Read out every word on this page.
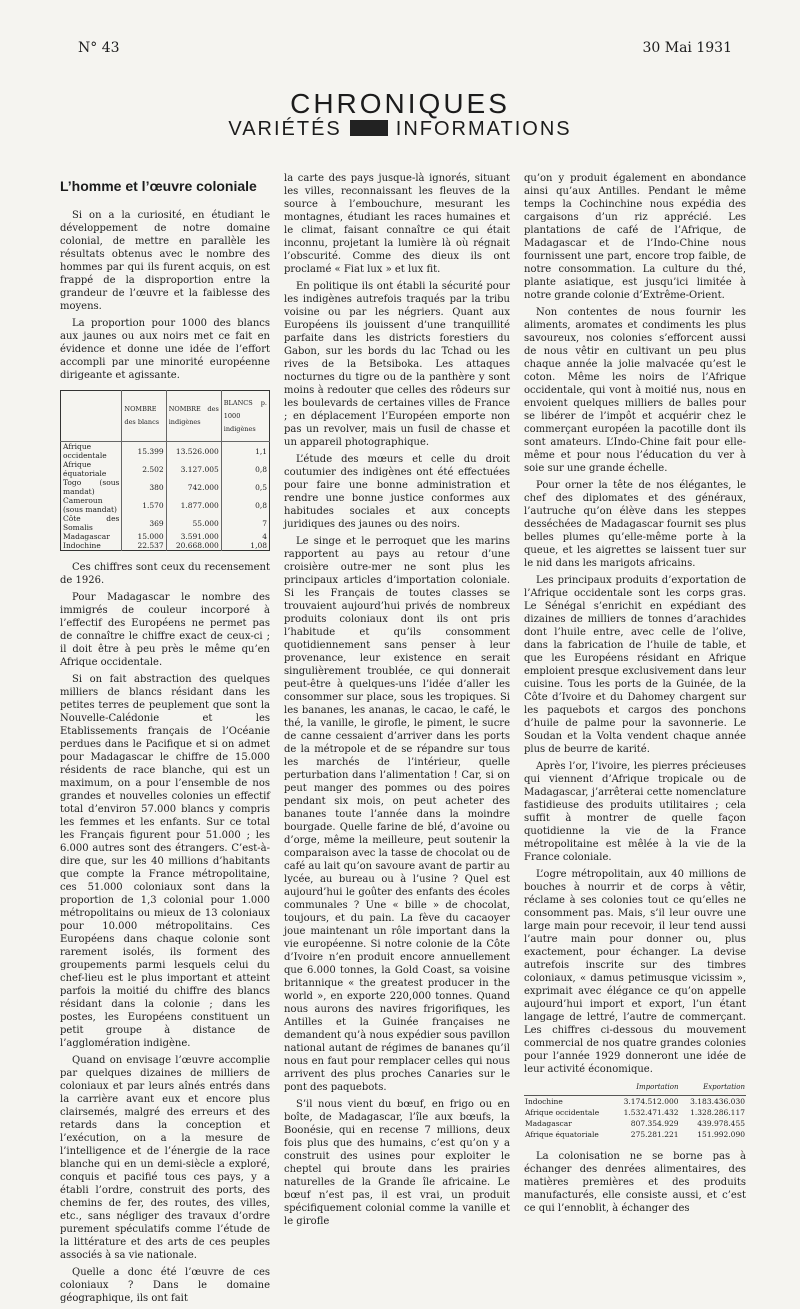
N° 43	30 Mai 1931
CHRONIQUES
VARIÉTÉS	INFORMATIONS
L’homme et l’œuvre coloniale

Si on a la curiosité, en étudiant le développement de notre domaine colonial, de mettre en parallèle les résultats obtenus avec le nombre des hommes par qui ils furent acquis, on est frappé de la disproportion entre la grandeur de l’œuvre et la faiblesse des moyens.

La proportion pour 1000 des blancs aux jaunes ou aux noirs met ce fait en évidence et donne une idée de l’effort accompli par une minorité européenne dirigeante et agissante.

	NOMBRE des blancs	NOMBRE des indigènes	BLANCS p. 1000 indigènes
Afrique occidentale	15.399	13.526.000	1,1
Afrique équatoriale	2.502	3.127.005	0,8
Togo (sous mandat)	380	742.000	0,5
Cameroun (sous mandat)	1.570	1.877.000	0,8
Côte des Somalis	369	55.000	7
Madagascar	15.000	3.591.000	4
Indochine	22.537	20.668.000	1,08

Ces chiffres sont ceux du recensement de 1926.

Pour Madagascar le nombre des immigrés de couleur incorporé à l’effectif des Européens ne permet pas de connaître le chiffre exact de ceux-ci ; il doit être à peu près le même qu’en Afrique occidentale.

Si on fait abstraction des quelques milliers de blancs résidant dans les petites terres de peuplement que sont la Nouvelle-Calédonie et les Etablissements français de l’Océanie perdues dans le Pacifique et si on admet pour Madagascar le chiffre de 15.000 résidents de race blanche, qui est un maximum, on a pour l’ensemble de nos grandes et nouvelles colonies un effectif total d’environ 57.000 blancs y compris les femmes et les enfants. Sur ce total les Français figurent pour 51.000 ; les 6.000 autres sont des étrangers. C’est-à-dire que, sur les 40 millions d’habitants que compte la France métropolitaine, ces 51.000 coloniaux sont dans la proportion de 1,3 colonial pour 1.000 métropolitains ou mieux de 13 coloniaux pour 10.000 métropolitains. Ces Européens dans chaque colonie sont rarement isolés, ils forment des groupements parmi lesquels celui du chef-lieu est le plus important et atteint parfois la moitié du chiffre des blancs résidant dans la colonie ; dans les postes, les Européens constituent un petit groupe à distance de l’agglomération indigène.

Quand on envisage l’œuvre accomplie par quelques dizaines de milliers de coloniaux et par leurs aînés entrés dans la carrière avant eux et encore plus clairsemés, malgré des erreurs et des retards dans la conception et l’exécution, on a la mesure de l’intelligence et de l’énergie de la race blanche qui en un demi-siècle a exploré, conquis et pacifié tous ces pays, y a établi l’ordre, construit des ports, des chemins de fer, des routes, des villes, etc., sans négliger des travaux d’ordre purement spéculatifs comme l’étude de la littérature et des arts de ces peuples associés à sa vie nationale.

Quelle a donc été l’œuvre de ces coloniaux ? Dans le domaine géographique, ils ont fait

la carte des pays jusque-là ignorés, situant les villes, reconnaissant les fleuves de la source à l’embouchure, mesurant les montagnes, étudiant les races humaines et le climat, faisant connaître ce qui était inconnu, projetant la lumière là où régnait l’obscurité. Comme des dieux ils ont proclamé « Fiat lux » et lux fit.

En politique ils ont établi la sécurité pour les indigènes autrefois traqués par la tribu voisine ou par les négriers. Quant aux Européens ils jouissent d’une tranquillité parfaite dans les districts forestiers du Gabon, sur les bords du lac Tchad ou les rives de la Betsiboka. Les attaques nocturnes du tigre ou de la panthère y sont moins à redouter que celles des rôdeurs sur les boulevards de certaines villes de France ; en déplacement l’Européen emporte non pas un revolver, mais un fusil de chasse et un appareil photographique.

L’étude des mœurs et celle du droit coutumier des indigènes ont été effectuées pour faire une bonne administration et rendre une bonne justice conformes aux habitudes sociales et aux concepts juridiques des jaunes ou des noirs.

Le singe et le perroquet que les marins rapportent au pays au retour d’une croisière outre-mer ne sont plus les principaux articles d’importation coloniale. Si les Français de toutes classes se trouvaient aujourd’hui privés de nombreux produits coloniaux dont ils ont pris l’habitude et qu’ils consomment quotidiennement sans penser à leur provenance, leur existence en serait singulièrement troublée, ce qui donnerait peut-être à quelques-uns l’idée d’aller les consommer sur place, sous les tropiques. Si les bananes, les ananas, le cacao, le café, le thé, la vanille, le girofle, le piment, le sucre de canne cessaient d’arriver dans les ports de la métropole et de se répandre sur tous les marchés de l’intérieur, quelle perturbation dans l’alimentation ! Car, si on peut manger des pommes ou des poires pendant six mois, on peut acheter des bananes toute l’année dans la moindre bourgade. Quelle farine de blé, d’avoine ou d’orge, même la meilleure, peut soutenir la comparaison avec la tasse de chocolat ou de café au lait qu’on savoure avant de partir au lycée, au bureau ou à l’usine ? Quel est aujourd’hui le goûter des enfants des écoles communales ? Une « bille » de chocolat, toujours, et du pain. La fève du cacaoyer joue maintenant un rôle important dans la vie européenne. Si notre colonie de la Côte d’Ivoire n’en produit encore annuellement que 6.000 tonnes, la Gold Coast, sa voisine britannique « the greatest producer in the world », en exporte 220,000 tonnes. Quand nous aurons des navires frigorifiques, les Antilles et la Guinée françaises ne demandent qu’à nous expédier sous pavillon national autant de régimes de bananes qu’il nous en faut pour remplacer celles qui nous arrivent des plus proches Canaries sur le pont des paquebots.

S’il nous vient du bœuf, en frigo ou en boîte, de Madagascar, l’île aux bœufs, la Boonésie, qui en recense 7 millions, deux fois plus que des humains, c’est qu’on y a construit des usines pour exploiter le cheptel qui broute dans les prairies naturelles de la Grande île africaine. Le bœuf n’est pas, il est vrai, un produit spécifiquement colonial comme la vanille et le girofle

qu’on y produit également en abondance ainsi qu’aux Antilles. Pendant le même temps la Cochinchine nous expédia des cargaisons d’un riz apprécié. Les plantations de café de l’Afrique, de Madagascar et de l’Indo-Chine nous fournissent une part, encore trop faible, de notre consommation. La culture du thé, plante asiatique, est jusqu’ici limitée à notre grande colonie d’Extrême-Orient.

Non contentes de nous fournir les aliments, aromates et condiments les plus savoureux, nos colonies s’efforcent aussi de nous vêtir en cultivant un peu plus chaque année la jolie malvacée qu’est le coton. Même les noirs de l’Afrique occidentale, qui vont à moitié nus, nous en envoient quelques milliers de balles pour se libérer de l’impôt et acquérir chez le commerçant européen la pacotille dont ils sont amateurs. L’Indo-Chine fait pour elle-même et pour nous l’éducation du ver à soie sur une grande échelle.

Pour orner la tête de nos élégantes, le chef des diplomates et des généraux, l’autruche qu’on élève dans les steppes desséchées de Madagascar fournit ses plus belles plumes qu’elle-même porte à la queue, et les aigrettes se laissent tuer sur le nid dans les marigots africains.

Les principaux produits d’exportation de l’Afrique occidentale sont les corps gras. Le Sénégal s’enrichit en expédiant des dizaines de milliers de tonnes d’arachides dont l’huile entre, avec celle de l’olive, dans la fabrication de l’huile de table, et que les Européens résidant en Afrique emploient presque exclusivement dans leur cuisine. Tous les ports de la Guinée, de la Côte d’Ivoire et du Dahomey chargent sur les paquebots et cargos des ponchons d’huile de palme pour la savonnerie. Le Soudan et la Volta vendent chaque année plus de beurre de karité.

Après l’or, l’ivoire, les pierres précieuses qui viennent d’Afrique tropicale ou de Madagascar, j’arrêterai cette nomenclature fastidieuse des produits utilitaires ; cela suffit à montrer de quelle façon quotidienne la vie de la France métropolitaine est mêlée à la vie de la France coloniale.

L’ogre métropolitain, aux 40 millions de bouches à nourrir et de corps à vêtir, réclame à ses colonies tout ce qu’elles ne consomment pas. Mais, s’il leur ouvre une large main pour recevoir, il leur tend aussi l’autre main pour donner ou, plus exactement, pour échanger. La devise autrefois inscrite sur des timbres coloniaux, « damus petimusque vicissim », exprimait avec élégance ce qu’on appelle aujourd’hui import et export, l’un étant langage de lettré, l’autre de commerçant. Les chiffres ci-dessous du mouvement commercial de nos quatre grandes colonies pour l’année 1929 donneront une idée de leur activité économique.

	Importation	Exportation
Indochine	3.174.512.000	3.183.436.030
Afrique occidentale	1.532.471.432	1.328.286.117
Madagascar	807.354.929	439.978.455
Afrique équatoriale	275.281.221	151.992.090

La colonisation ne se borne pas à échanger des denrées alimentaires, des matières premières et des produits manufacturés, elle consiste aussi, et c’est ce qui l’ennoblit, à échanger des
